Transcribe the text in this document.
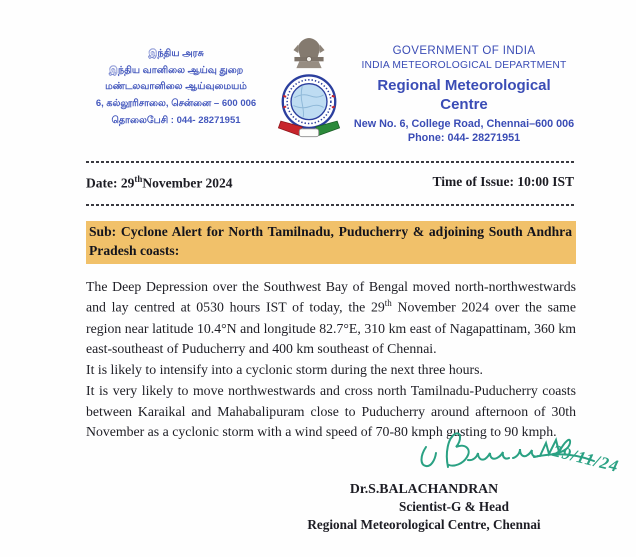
இந்திய அரசு
இந்திய வானிலை ஆய்வு துறை
மண்டலவானிலை ஆய்வுமையம்
6, கல்லூரிசாலை, சென்னை – 600 006
தொலைபேசி : 044- 28271951
GOVERNMENT OF INDIA
INDIA METEOROLOGICAL DEPARTMENT
Regional Meteorological Centre
New No. 6, College Road, Chennai–600 006
Phone: 044- 28271951
Date: 29thNovember 2024	Time of Issue: 10:00 IST
Sub: Cyclone Alert for North Tamilnadu, Puducherry & adjoining South Andhra Pradesh coasts:
The Deep Depression over the Southwest Bay of Bengal moved north-northwestwards and lay centred at 0530 hours IST of today, the 29th November 2024 over the same region near latitude 10.4°N and longitude 82.7°E, 310 km east of Nagapattinam, 360 km east-southeast of Puducherry and 400 km southeast of Chennai.
It is likely to intensify into a cyclonic storm during the next three hours.
It is very likely to move northwestwards and cross north Tamilnadu-Puducherry coasts between Karaikal and Mahabalipuram close to Puducherry around afternoon of 30th November as a cyclonic storm with a wind speed of 70-80 kmph gusting to 90 kmph.
29/11/24
Dr.S.BALACHANDRAN
Scientist-G & Head
Regional Meteorological Centre, Chennai
